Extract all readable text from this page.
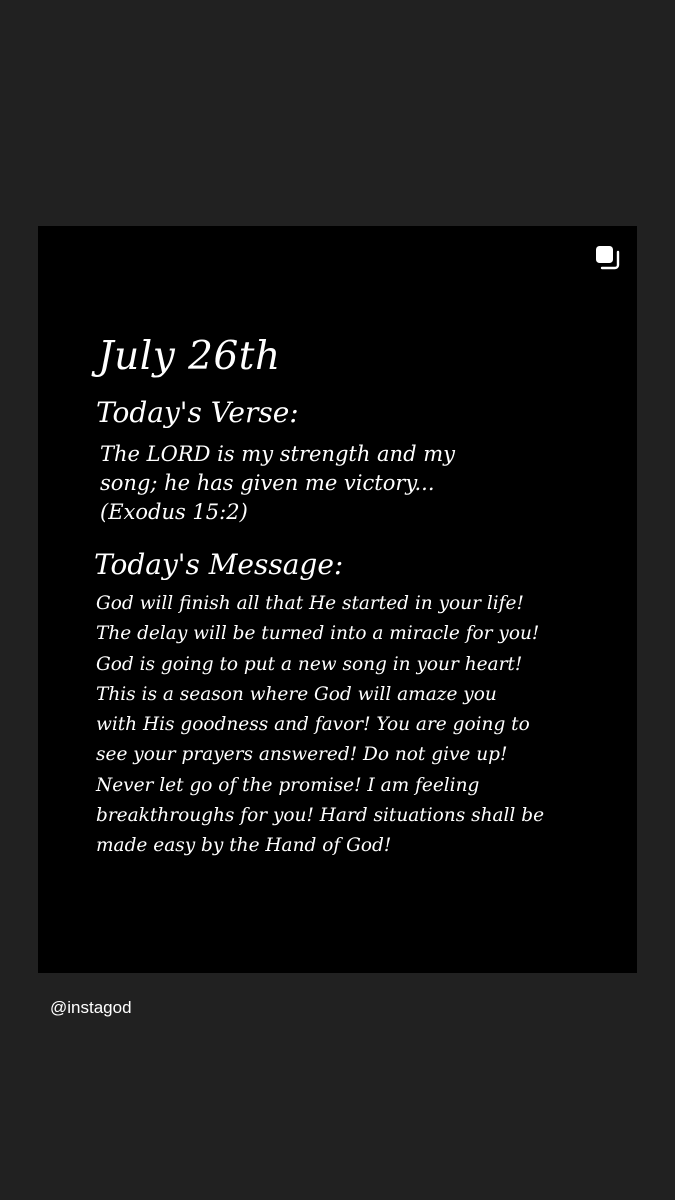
July 26th
Today's Verse:

The LORD is my strength and my
song; he has given me victory...
(Exodus 15:2)

Today's Message:

God will finish all that He started in your life!
The delay will be turned into a miracle for you!
God is going to put a new song in your heart!
This is a season where God will amaze you
with His goodness and favor! You are going to
see your prayers answered! Do not give up!
Never let go of the promise! I am feeling
breakthroughs for you! Hard situations shall be
made easy by the Hand of God!

@instagod
